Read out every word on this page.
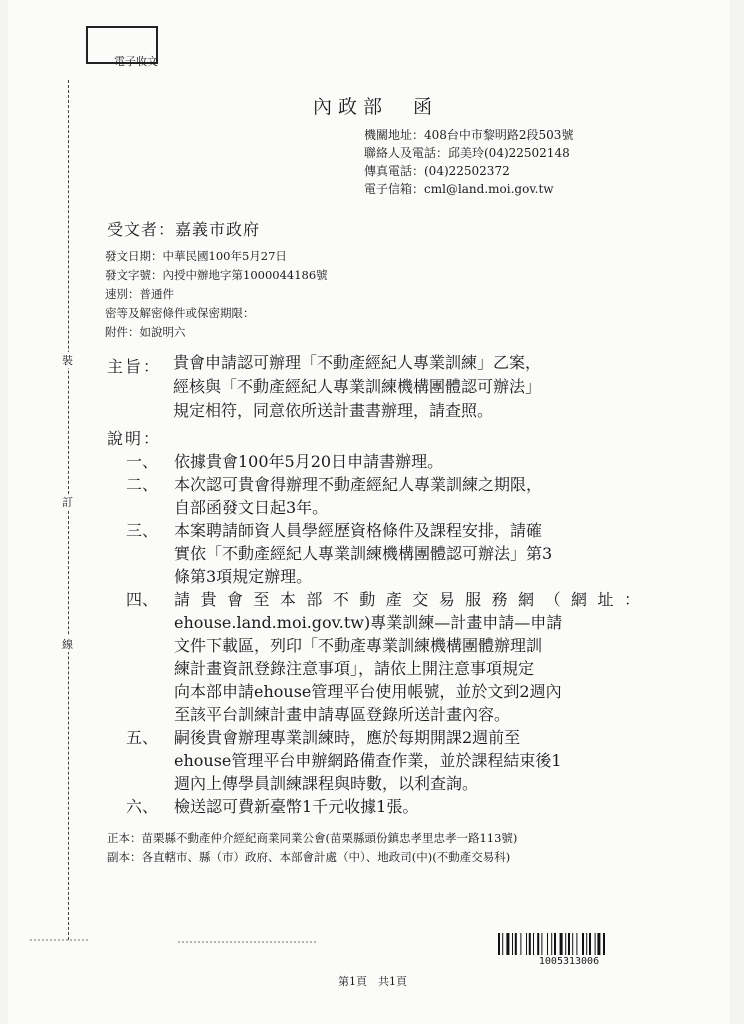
電子收文
裝
訂
線
內政部　函
機關地址：408台中市黎明路2段503號
聯絡人及電話：邱美玲(04)22502148
傳真電話：(04)22502372
電子信箱：cml@land.moi.gov.tw
受文者：嘉義市政府
發文日期：中華民國100年5月27日
發文字號：內授中辦地字第1000044186號
速別：普通件
密等及解密條件或保密期限：
附件：如說明六
主旨： 貴會申請認可辦理「不動產經紀人專業訓練」乙案，
經核與「不動產經紀人專業訓練機構團體認可辦法」
規定相符，同意依所送計畫書辦理，請查照。
說明：
一、 依據貴會100年5月20日申請書辦理。
二、 本次認可貴會得辦理不動產經紀人專業訓練之期限，
自部函發文日起3年。
三、 本案聘請師資人員學經歷資格條件及課程安排，請確
實依「不動產經紀人專業訓練機構團體認可辦法」第3
條第3項規定辦理。
四、 請貴會至本部不動產交易服務網（網址：
ehouse.land.moi.gov.tw)專業訓練—計畫申請—申請
文件下載區，列印「不動產專業訓練機構團體辦理訓
練計畫資訊登錄注意事項」，請依上開注意事項規定
向本部申請ehouse管理平台使用帳號，並於文到2週內
至該平台訓練計畫申請專區登錄所送計畫內容。
五、 嗣後貴會辦理專業訓練時，應於每期開課2週前至
ehouse管理平台申辦網路備查作業，並於課程結束後1
週內上傳學員訓練課程與時數，以利查詢。
六、 檢送認可費新臺幣1千元收據1張。
正本：苗栗縣不動產仲介經紀商業同業公會(苗栗縣頭份鎮忠孝里忠孝一路113號)
副本：各直轄市、縣（市）政府、本部會計處（中）、地政司(中)(不動產交易科)
1005313006
第1頁　共1頁
